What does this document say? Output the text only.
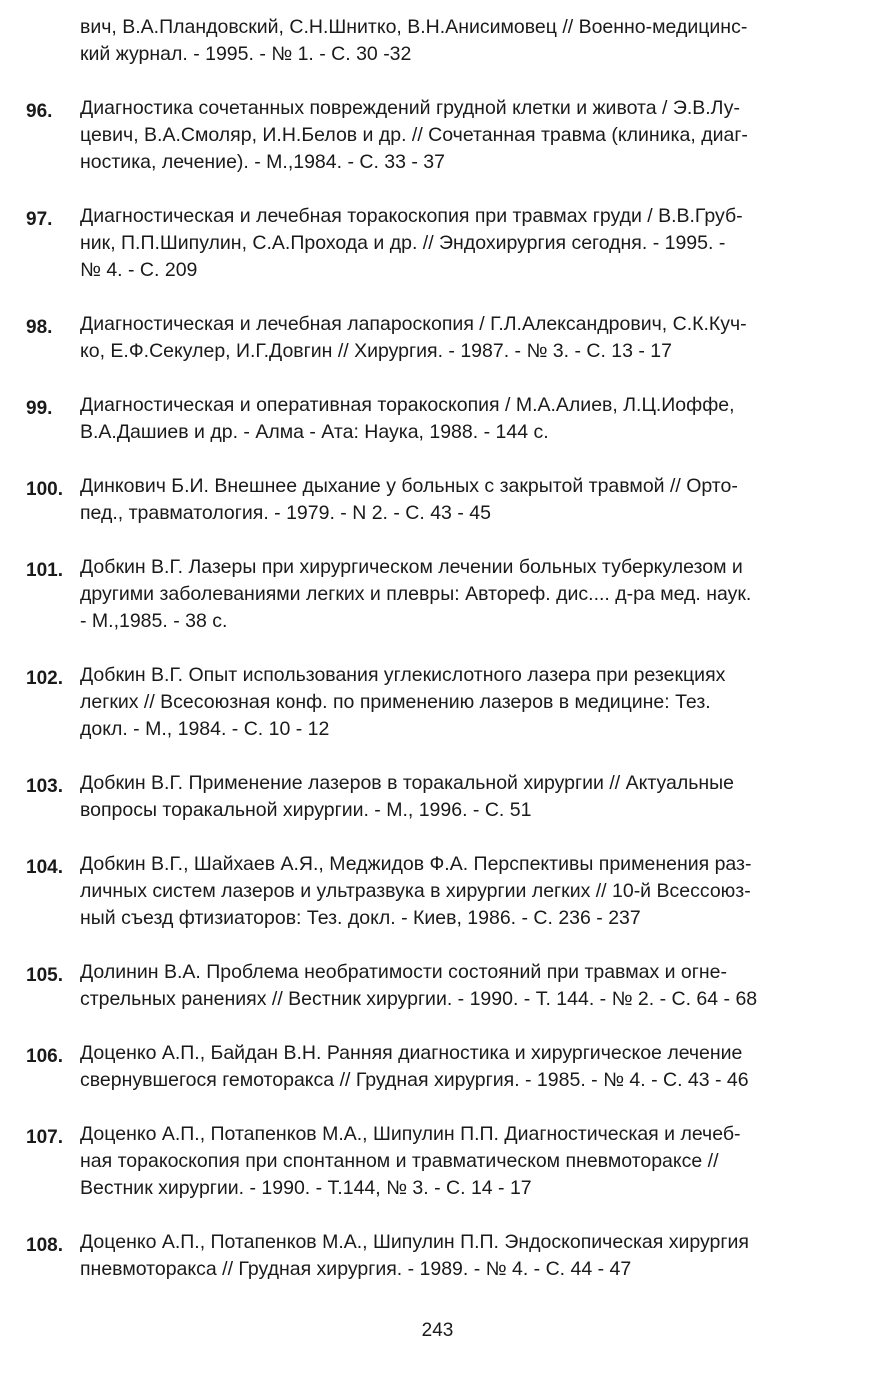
вич, В.А.Пландовский, С.Н.Шнитко, В.Н.Анисимовец // Военно-медицинс-
кий журнал. - 1995. - № 1. - С. 30 -32
96.	Диагностика сочетанных повреждений грудной клетки и живота / Э.В.Лу-
цевич, В.А.Смоляр, И.Н.Белов и др. // Сочетанная травма (клиника, диаг-
ностика, лечение). - М.,1984. - С. 33 - 37
97.	Диагностическая и лечебная торакоскопия при травмах груди / В.В.Груб-
ник, П.П.Шипулин, С.А.Прохода и др. // Эндохирургия сегодня. - 1995. -
№ 4. - С. 209
98.	Диагностическая и лечебная лапароскопия / Г.Л.Александрович, С.К.Куч-
ко, Е.Ф.Секулер, И.Г.Довгин // Хирургия. - 1987. - № 3. - С. 13 - 17
99.	Диагностическая и оперативная торакоскопия / М.А.Алиев, Л.Ц.Иоффе,
В.А.Дашиев и др. - Алма - Ата: Наука, 1988. - 144 с.
100. Динкович Б.И. Внешнее дыхание у больных с закрытой травмой // Орто-
пед., травматология. - 1979. - N 2. - С. 43 - 45
101. Добкин В.Г. Лазеры при хирургическом лечении больных туберкулезом и
другими заболеваниями легких и плевры: Автореф. дис.... д-ра мед. наук.
- М.,1985. - 38 с.
102. Добкин В.Г. Опыт использования углекислотного лазера при резекциях
легких // Всесоюзная конф. по применению лазеров в медицине: Тез.
докл. - М., 1984. - С. 10 - 12
103. Добкин В.Г. Применение лазеров в торакальной хирургии // Актуальные
вопросы торакальной хирургии. - М., 1996. - С. 51
104. Добкин В.Г., Шайхаев А.Я., Меджидов Ф.А. Перспективы применения раз-
личных систем лазеров и ультразвука в хирургии легких // 10-й Всессоюз-
ный съезд фтизиаторов: Тез. докл. - Киев, 1986. - С. 236 - 237
105. Долинин В.А. Проблема необратимости состояний при травмах и огне-
стрельных ранениях // Вестник хирургии. - 1990. - Т. 144. - № 2. - С. 64 - 68
106. Доценко А.П., Байдан В.Н. Ранняя диагностика и хирургическое лечение
свернувшегося гемоторакса // Грудная хирургия. - 1985. - № 4. - С. 43 - 46
107. Доценко А.П., Потапенков М.А., Шипулин П.П. Диагностическая и лечеб-
ная торакоскопия при спонтанном и травматическом пневмотораксе //
Вестник хирургии. - 1990. - Т.144, № 3. - С. 14 - 17
108. Доценко А.П., Потапенков М.А., Шипулин П.П. Эндоскопическая хирургия
пневмоторакса // Грудная хирургия. - 1989. - № 4. - С. 44 - 47
243
